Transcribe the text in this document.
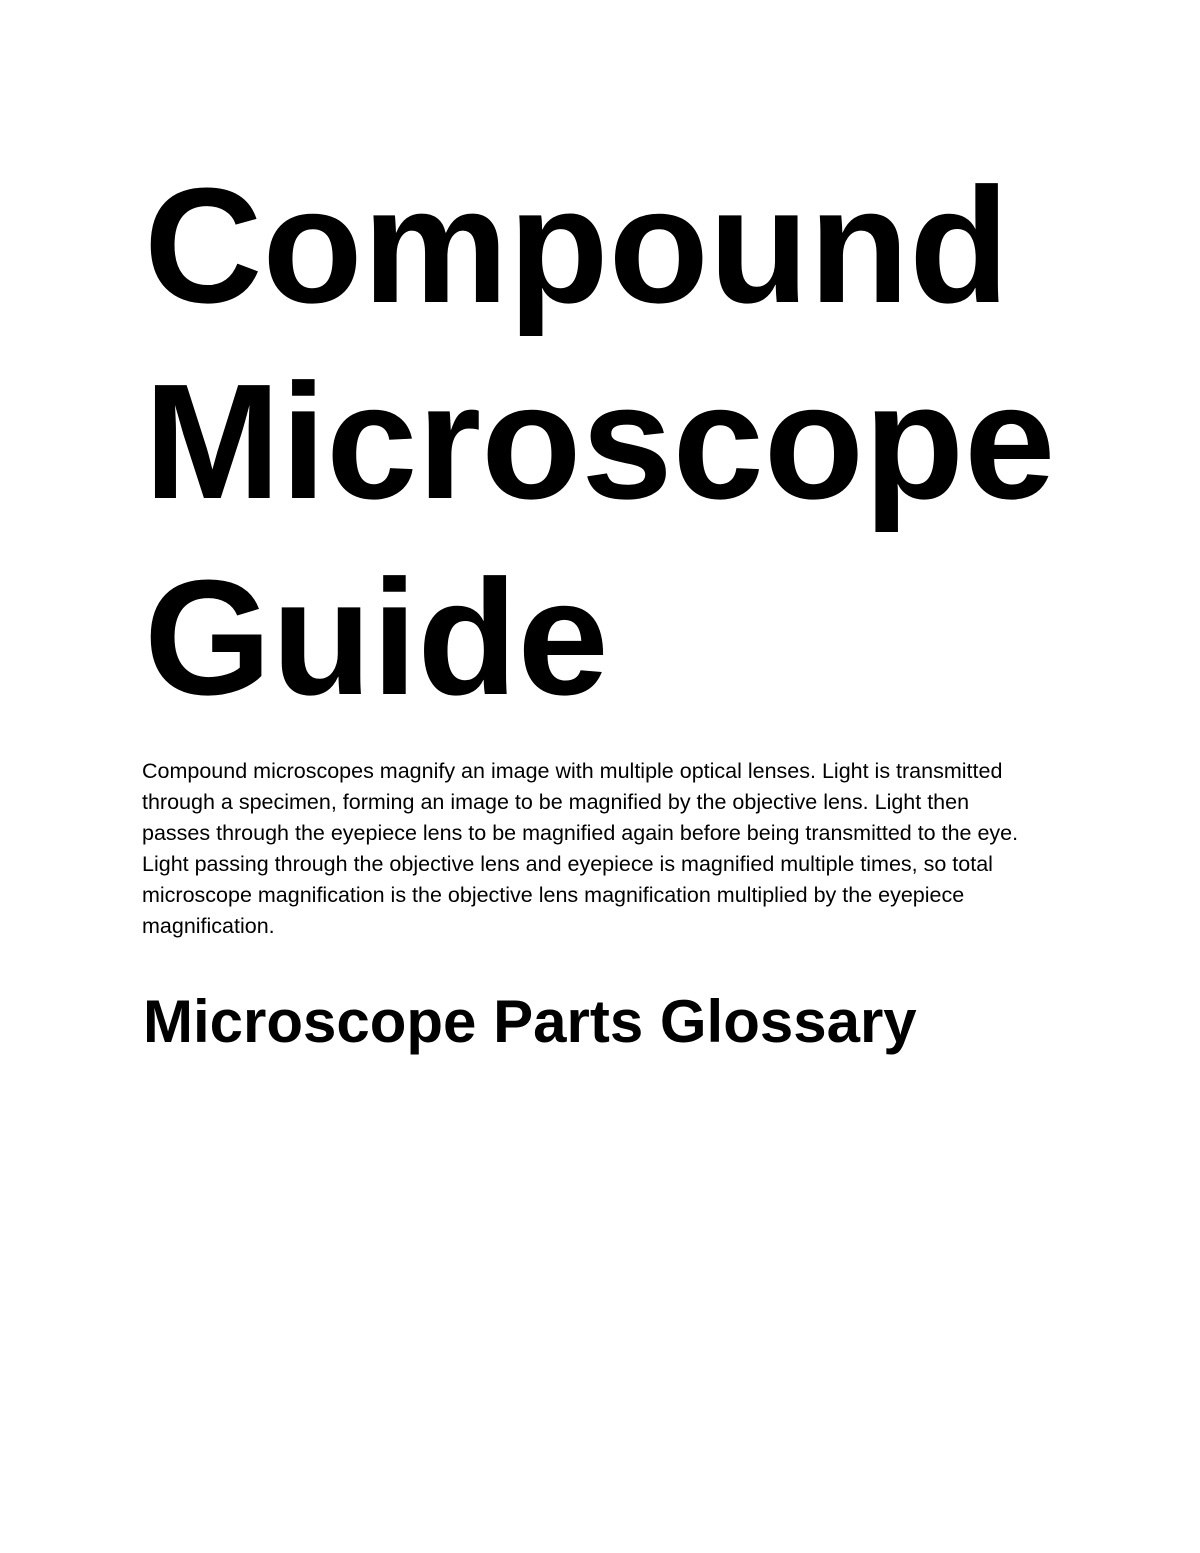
Compound
Microscope
Guide

Compound microscopes magnify an image with multiple optical lenses. Light is transmitted through a specimen, forming an image to be magnified by the objective lens. Light then passes through the eyepiece lens to be magnified again before being transmitted to the eye. Light passing through the objective lens and eyepiece is magnified multiple times, so total microscope magnification is the objective lens magnification multiplied by the eyepiece magnification.

Microscope Parts Glossary
